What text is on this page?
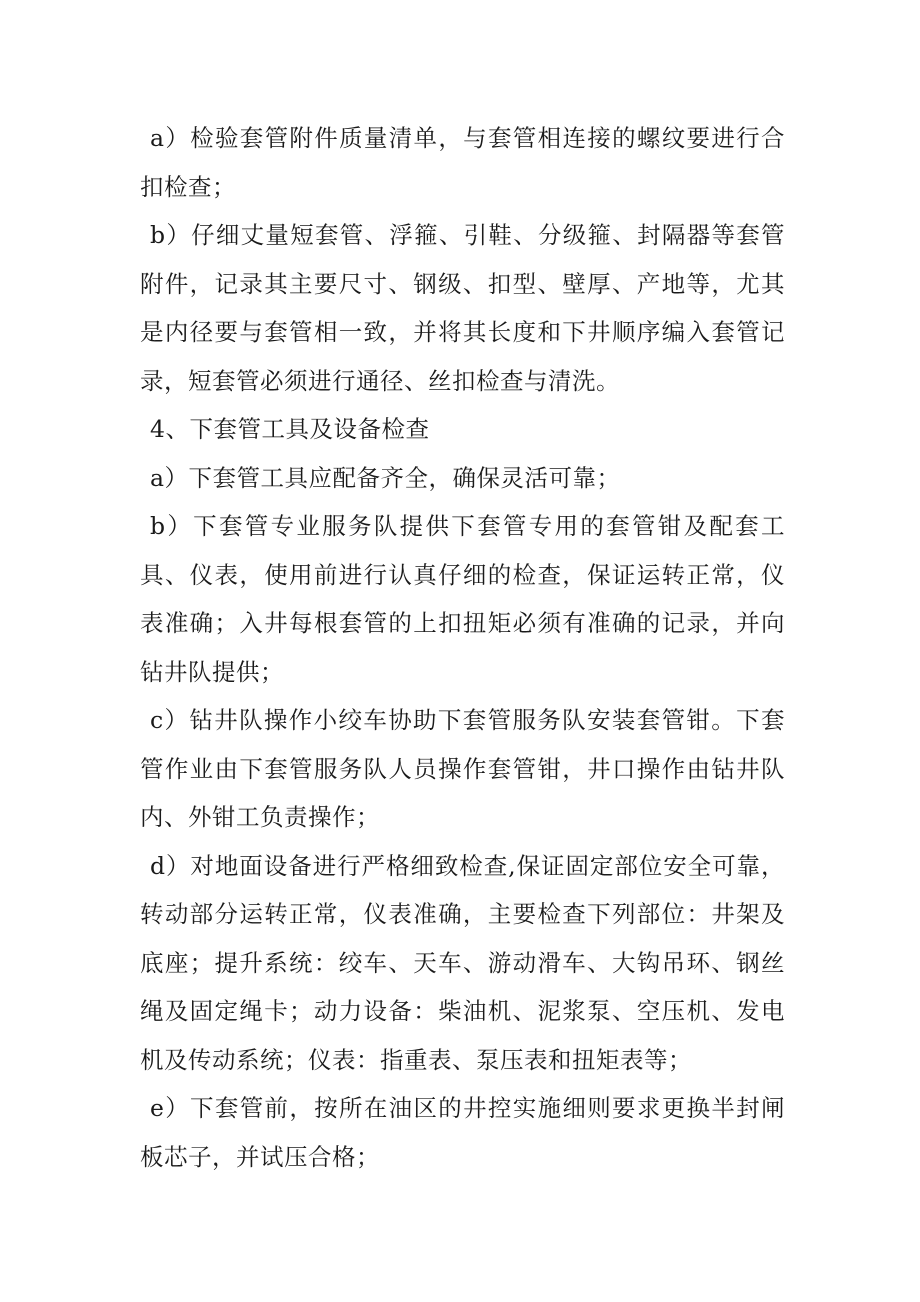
a）检验套管附件质量清单，与套管相连接的螺纹要进行合扣检查；

b）仔细丈量短套管、浮箍、引鞋、分级箍、封隔器等套管附件，记录其主要尺寸、钢级、扣型、壁厚、产地等，尤其是内径要与套管相一致，并将其长度和下井顺序编入套管记录，短套管必须进行通径、丝扣检查与清洗。

4、下套管工具及设备检查

a）下套管工具应配备齐全，确保灵活可靠；

b）下套管专业服务队提供下套管专用的套管钳及配套工具、仪表，使用前进行认真仔细的检查，保证运转正常，仪表准确；入井每根套管的上扣扭矩必须有准确的记录，并向钻井队提供；

c）钻井队操作小绞车协助下套管服务队安装套管钳。下套管作业由下套管服务队人员操作套管钳，井口操作由钻井队内、外钳工负责操作；

d）对地面设备进行严格细致检查,保证固定部位安全可靠，转动部分运转正常，仪表准确，主要检查下列部位：井架及底座；提升系统：绞车、天车、游动滑车、大钩吊环、钢丝绳及固定绳卡；动力设备：柴油机、泥浆泵、空压机、发电机及传动系统；仪表：指重表、泵压表和扭矩表等；

e）下套管前，按所在油区的井控实施细则要求更换半封闸板芯子，并试压合格；
